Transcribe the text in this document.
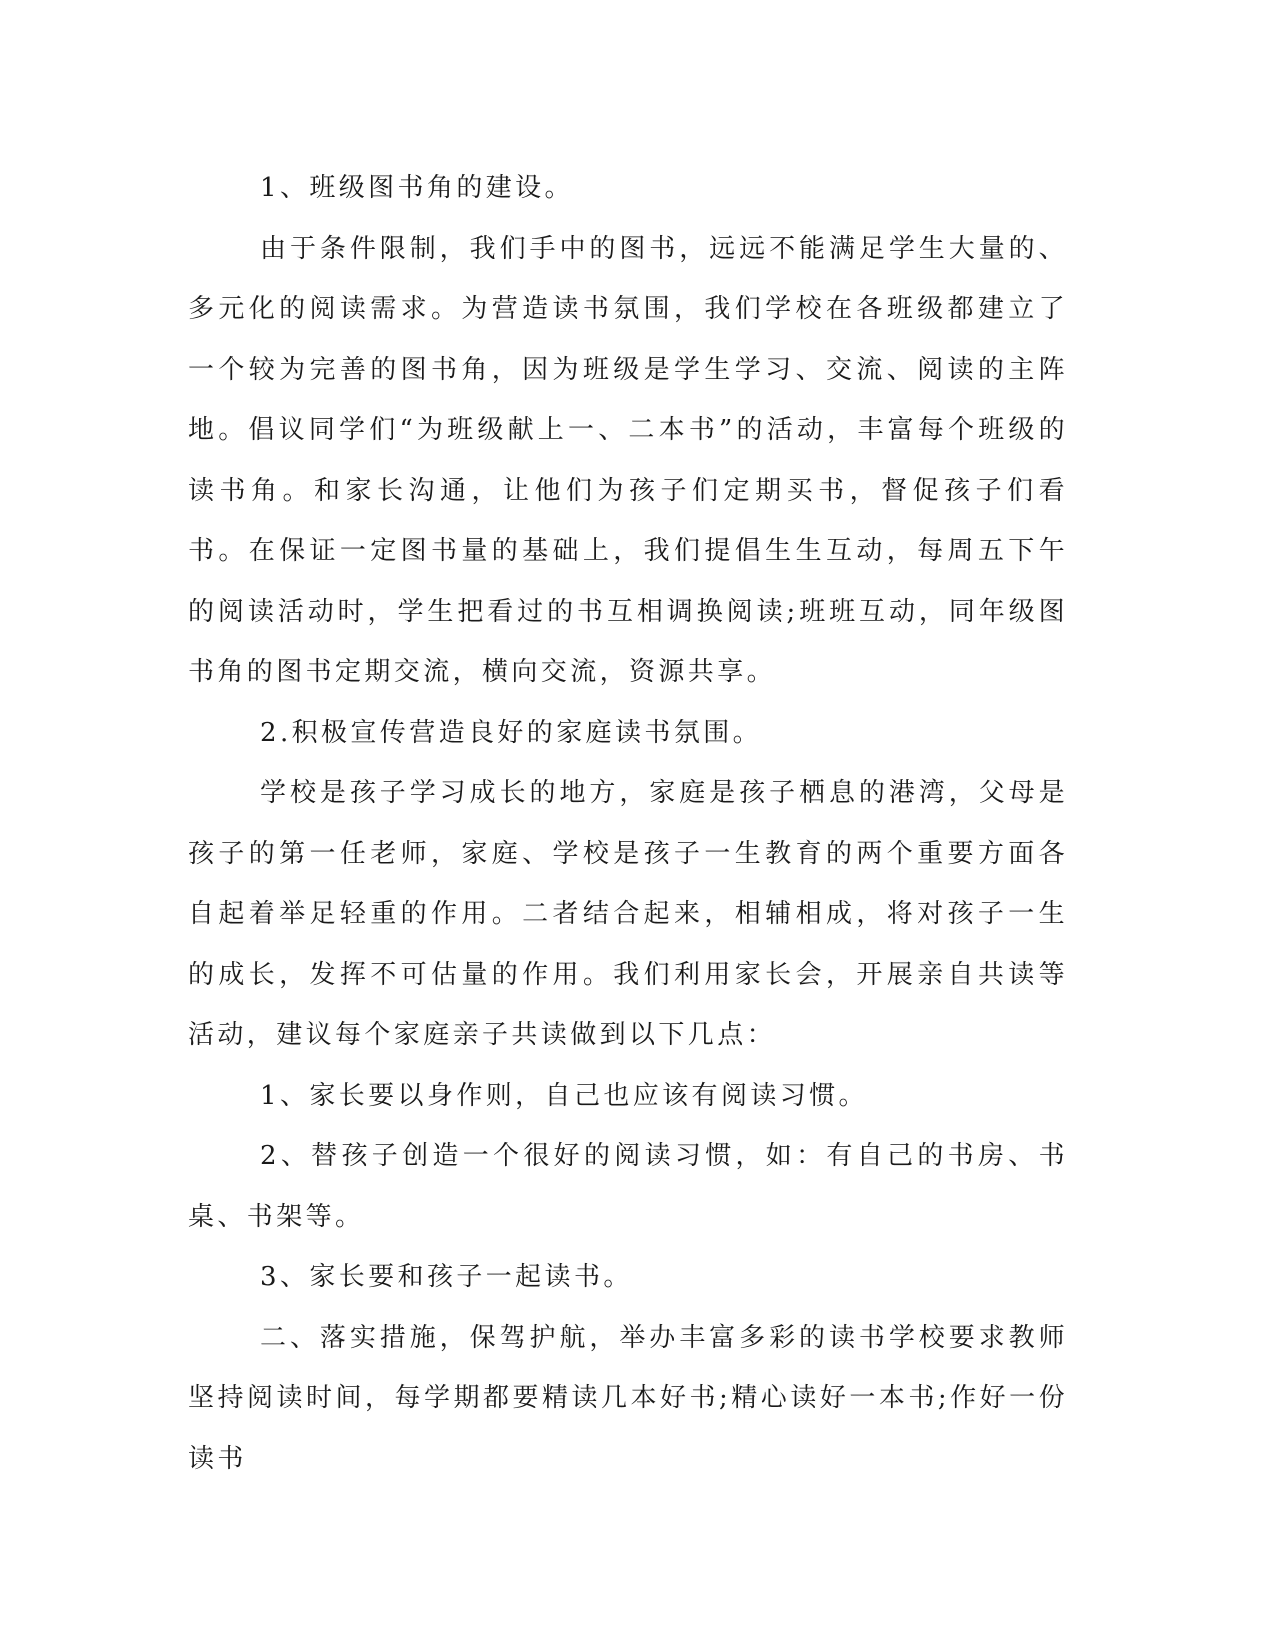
1、班级图书角的建设。

由于条件限制，我们手中的图书，远远不能满足学生大量的、多元化的阅读需求。为营造读书氛围，我们学校在各班级都建立了一个较为完善的图书角，因为班级是学生学习、交流、阅读的主阵地。倡议同学们“为班级献上一、二本书”的活动，丰富每个班级的读书角。和家长沟通，让他们为孩子们定期买书，督促孩子们看书。在保证一定图书量的基础上，我们提倡生生互动，每周五下午的阅读活动时，学生把看过的书互相调换阅读;班班互动，同年级图书角的图书定期交流，横向交流，资源共享。

2.积极宣传营造良好的家庭读书氛围。

学校是孩子学习成长的地方，家庭是孩子栖息的港湾，父母是孩子的第一任老师，家庭、学校是孩子一生教育的两个重要方面各自起着举足轻重的作用。二者结合起来，相辅相成，将对孩子一生的成长，发挥不可估量的作用。我们利用家长会，开展亲自共读等活动，建议每个家庭亲子共读做到以下几点：

1、家长要以身作则，自己也应该有阅读习惯。

2、替孩子创造一个很好的阅读习惯，如：有自己的书房、书桌、书架等。

3、家长要和孩子一起读书。

二、落实措施，保驾护航，举办丰富多彩的读书学校要求教师坚持阅读时间，每学期都要精读几本好书;精心读好一本书;作好一份读书
